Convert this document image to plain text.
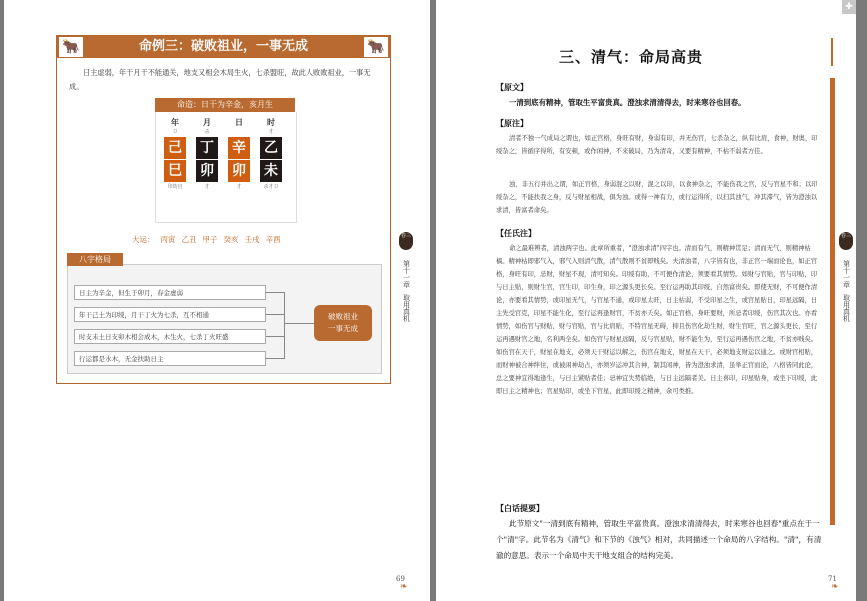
🐂	命例三：破败祖业，一事无成	🐂
日主虚弱，年干月干不能通关，地支又相会木局生火，七杀盟旺，故此人败败祖业，一事无成。
命造：日干为辛金，亥月生
年
卩
己
巳
印劫官
月
杀
丁
卯
才
日
辛
卯
才
时
才
乙
未
杀才卩
大运： 丙寅 乙丑 甲子 癸亥 壬戌 辛酉
日主为辛金，但生于卯月，春金虚弱
年干己土为印绶，月干丁火为七杀，互不相通
时支未土日支卯木相会成木，木生火，七杀丁火旺盛
行运都是水木，无金扶助日主
破败祖业
一事无成
八字格局
69
❧
✚
三、清气：命局高贵
【原文】
一清到底有精神，管取生平富贵真。澄浊求清清得去，时来寒谷也回春。
【原注】
清者不独一气成局之谓也，如正官格，身旺有财，身弱有印，并无伤官，七杀杂之，纵有比肩，食神，财奥，印绶杂之，皆循序得所，有安顿，或作闲神，不来破局，乃为清奇，又要有精神，不枯不弱者方佳。
浊，非五行并出之谓，如正官格，身弱混之以财，混之以印，以食神杂之，不能伤我之官，反与官星不和；以印绶杂之，不能扶我之身，反与财星相战，俱为浊。或得一神有力，或行运得所，以扫其浊气，冲其滞气，皆为澄浊以求清，皆富者命矣。
【任氏注】
命之最难辨者，清浊两字也。此章所重者，"澄浊求清"四字也。清而有气，则精神贯足；清而无气，则精神枯槁。精神枯即邪气入，邪气入则清气散，清气散则不贫即贱矣。夫清浊者，八字皆有也，非正官一端而论也，如正官格，身旺有印，忌财，财星不现，清可知矣。印绶有助，不可便作清论，须要看其情势。如财与官贴，官与印贴，印与日主贴，则财生官，官生印，印生身，印之源头更长矣。至行运再助其印绶，自然富贵矣。即使无财，不可便作清论，亦要看其情势，或印星无气，与官星不通，或印星太旺，日主枯弱，不受印星之生，或官星贴日，印星远隔，日主先受官克，印星不能生化，至行运再逢财官，不贫亦夭矣。如正官格，身旺要财，所忌者印绶，伤官其次也。亦看情势，如伤官与财贴，财与官贴，官与比肩贴，不特官星无碍，抑且伤官化劫生财，财生官旺，官之源头更长，至行运再遇财官之地，名利两全矣。如伤官与财星远隔，反与官星贴，财不能生为，至行运再遇伤官之地，不贫亦贱矣。如伤官在天干，财星在地支，必须天干财运以解之，伤官在地支，财星在天干，必须地支财运以通之。或财官相贴，而财神被合神绊住，或被闲神劫占，亦须岁运冲其合神，制其闲神，皆为澄浊求清，虽举正官而论，八格皆同此论，总之要神宜得地逢生，与日主紧贴者佳；忌神宜失势临绝，与日主远隔者美。日主喜印，印星贴身，或坐下印绶，此即日主之精神也；官星贴印，或坐下官星，此即印绶之精神，余可类推。
【白话提要】
此节原文"一清到底有精神，管取生平富贵真。澄浊求清清得去，时来寒谷也回春"重点在于一个"清"字。此节名为《清气》和下节的《浊气》相对，共同描述一个命局的八字结构。"清"，有清澈的意思。表示一个命局中天干地支组合的结构完美。
卷三
第十一章
取用真机
71
❧
卷三
第十一章
取用真机
